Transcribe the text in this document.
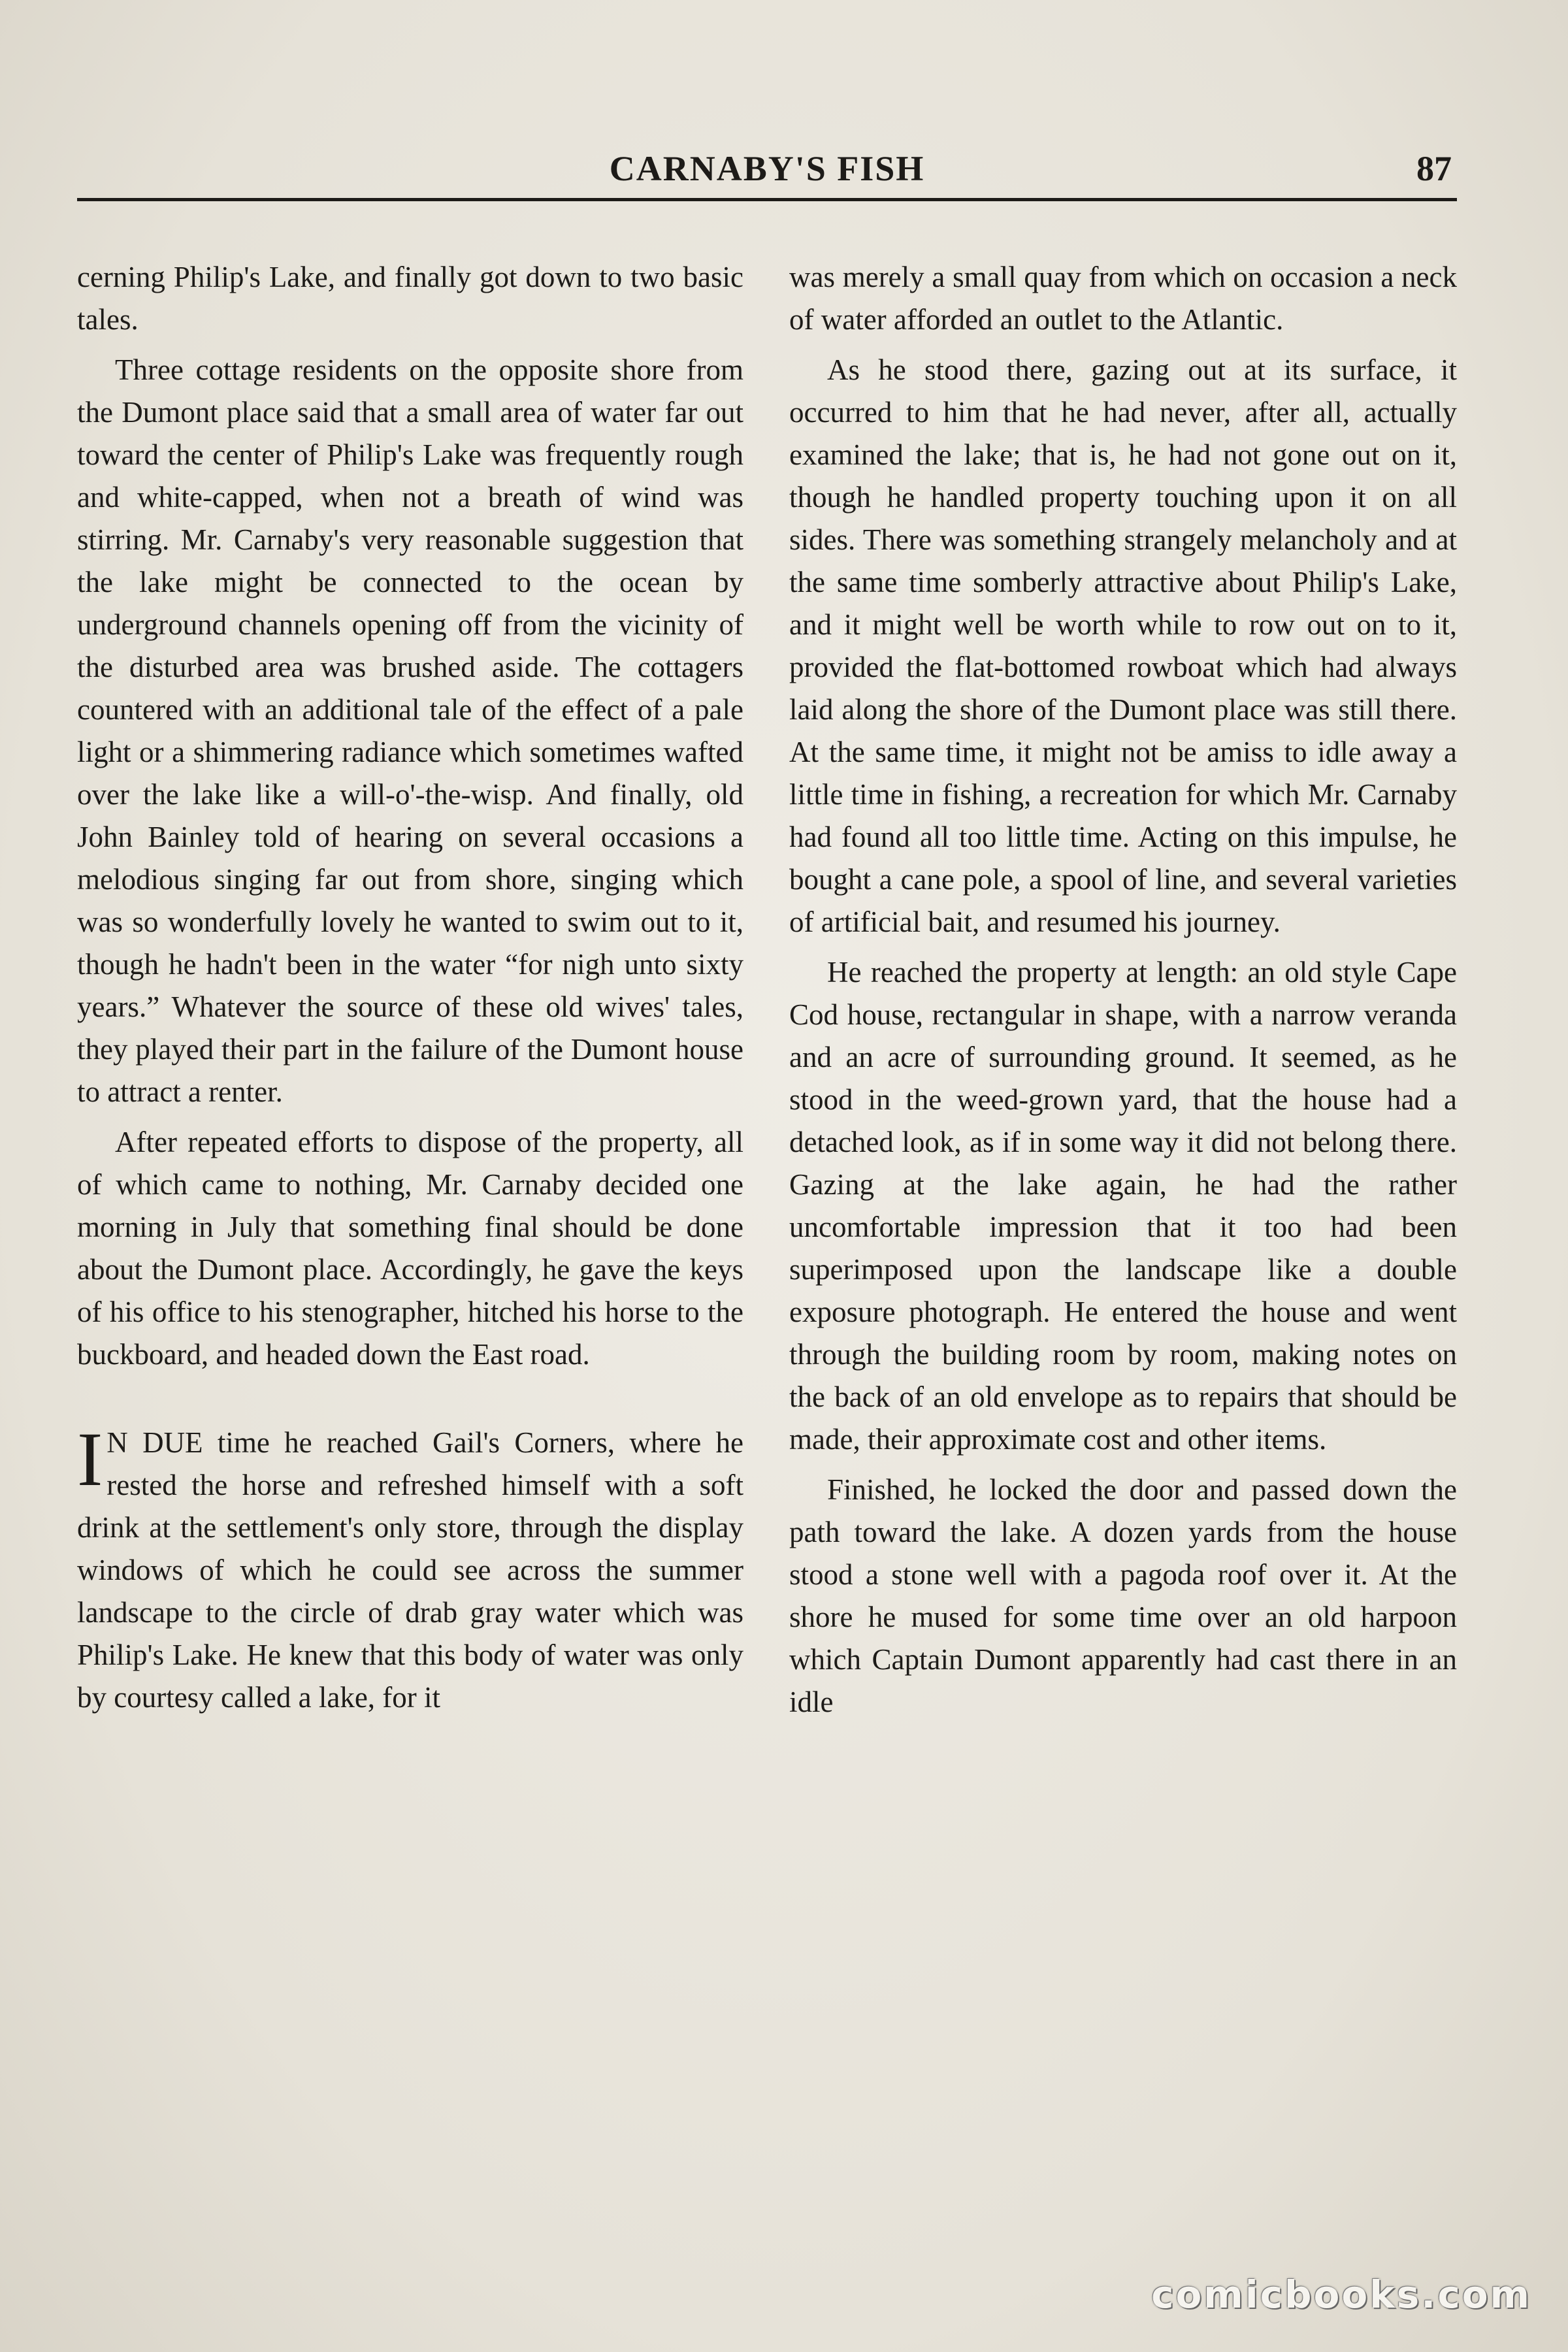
CARNABY'S FISH	87

cerning Philip's Lake, and finally got down to two basic tales.

Three cottage residents on the opposite shore from the Dumont place said that a small area of water far out toward the center of Philip's Lake was frequently rough and white-capped, when not a breath of wind was stirring. Mr. Carnaby's very reasonable suggestion that the lake might be connected to the ocean by underground channels opening off from the vicinity of the disturbed area was brushed aside. The cottagers countered with an additional tale of the effect of a pale light or a shimmering radiance which sometimes wafted over the lake like a will-o'-the-wisp. And finally, old John Bainley told of hearing on several occasions a melodious singing far out from shore, singing which was so wonderfully lovely he wanted to swim out to it, though he hadn't been in the water “for nigh unto sixty years.” Whatever the source of these old wives' tales, they played their part in the failure of the Dumont house to attract a renter.

After repeated efforts to dispose of the property, all of which came to nothing, Mr. Carnaby decided one morning in July that something final should be done about the Dumont place. Accordingly, he gave the keys of his office to his stenographer, hitched his horse to the buckboard, and headed down the East road.

I N DUE time he reached Gail's Corners, where he rested the horse and refreshed himself with a soft drink at the settlement's only store, through the display windows of which he could see across the summer landscape to the circle of drab gray water which was Philip's Lake. He knew that this body of water was only by courtesy called a lake, for it

was merely a small quay from which on occasion a neck of water afforded an outlet to the Atlantic.

As he stood there, gazing out at its surface, it occurred to him that he had never, after all, actually examined the lake; that is, he had not gone out on it, though he handled property touching upon it on all sides. There was something strangely melancholy and at the same time somberly attractive about Philip's Lake, and it might well be worth while to row out on to it, provided the flat-bottomed rowboat which had always laid along the shore of the Dumont place was still there. At the same time, it might not be amiss to idle away a little time in fishing, a recreation for which Mr. Carnaby had found all too little time. Acting on this impulse, he bought a cane pole, a spool of line, and several varieties of artificial bait, and resumed his journey.

He reached the property at length: an old style Cape Cod house, rectangular in shape, with a narrow veranda and an acre of surrounding ground. It seemed, as he stood in the weed-grown yard, that the house had a detached look, as if in some way it did not belong there. Gazing at the lake again, he had the rather uncomfortable impression that it too had been superimposed upon the landscape like a double exposure photograph. He entered the house and went through the building room by room, making notes on the back of an old envelope as to repairs that should be made, their approximate cost and other items.

Finished, he locked the door and passed down the path toward the lake. A dozen yards from the house stood a stone well with a pagoda roof over it. At the shore he mused for some time over an old harpoon which Captain Dumont apparently had cast there in an idle

comicbooks.com
